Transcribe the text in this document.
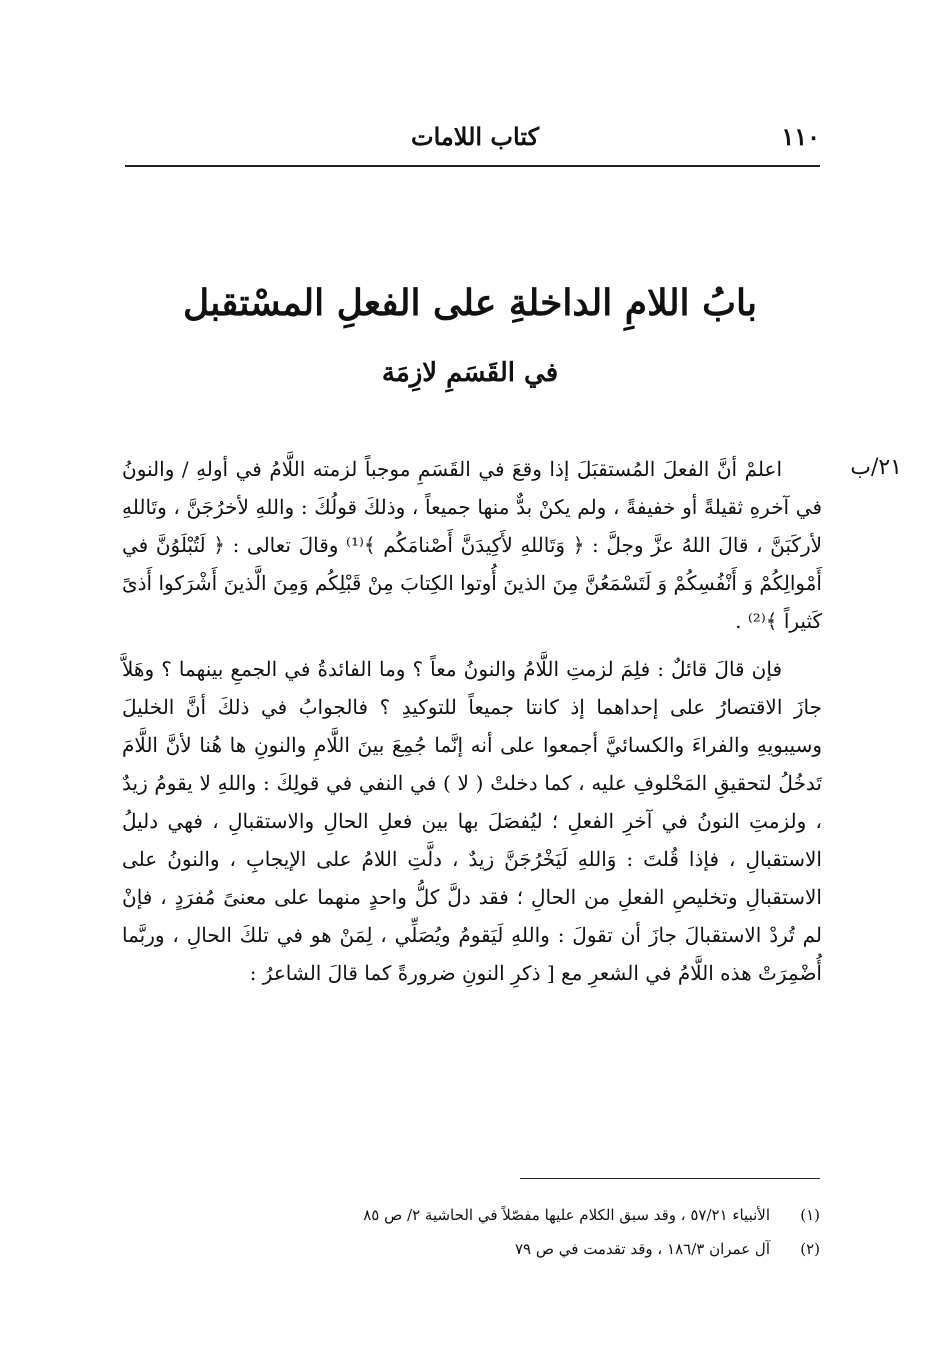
١١٠
كتاب اللامات
بابُ اللامِ الداخلةِ على الفعلِ المسْتقبل
في القَسَمِ لازِمَة
٢١/ب

اعلمْ أنَّ الفعلَ المُستقبَلَ إذا وقعَ في القَسَمِ موجباً لزمته اللَّامُ في أولهِ / والنونُ في آخرهِ ثقيلةً أو خفيفةً ، ولم يكنْ بدٌّ منها جميعاً ، وذلكَ قولُكَ : واللهِ لأخرُجَنَّ ، وتَاللهِ لأركَبَنَّ ، قالَ اللهُ عزَّ وجلَّ : ﴿ وَتَاللهِ لأَكِيدَنَّ أَصْنامَكُم ﴾⁽¹⁾ وقالَ تعالى : ﴿ لَتُبْلَوُنَّ في أَمْوالِكُمْ وَ أَنْفُسِكُمْ وَ لَتَسْمَعُنَّ مِنَ الذينَ أُوتوا الكِتابَ مِنْ قَبْلِكُم وَمِنَ الَّذينَ أَشْرَكوا أَذىً كَثيراً ﴾⁽²⁾ .

فإن قالَ قائلٌ : فلِمَ لزمتِ اللَّامُ والنونُ معاً ؟ وما الفائدةُ في الجمعِ بينهما ؟ وهَلاَّ جازَ الاقتصارُ على إحداهما إذ كانتا جميعاً للتوكيدِ ؟ فالجوابُ في ذلكَ أنَّ الخليلَ وسيبويهِ والفراءَ والكسائيَّ أجمعوا على أنه إنَّما جُمِعَ بينَ اللَّامِ والنونِ ها هُنا لأنَّ اللَّامَ تَدخُلُ لتحقيقِ المَحْلوفِ عليه ، كما دخلتْ ( لا ) في النفي في قولِكَ : واللهِ لا يقومُ زيدٌ ، ولزمتِ النونُ في آخرِ الفعلِ ؛ ليُفصَلَ بها بين فعلِ الحالِ والاستقبالِ ، فهي دليلُ الاستقبالِ ، فإذا قُلتَ : وَاللهِ لَيَخْرُجَنَّ زيدٌ ، دلَّتِ اللامُ على الإيجابِ ، والنونُ على الاستقبالِ وتخليصِ الفعلِ من الحالِ ؛ فقد دلَّ كلُّ واحدٍ منهما على معنىً مُفرَدٍ ، فإنْ لم تُردْ الاستقبالَ جازَ أن تقولَ : واللهِ لَيَقومُ ويُصَلِّي ، لِمَنْ هو في تلكَ الحالِ ، وربَّما أُضْمِرَتْ هذه اللَّامُ في الشعرِ مع [ ذكرِ النونِ ضرورةً كما قالَ الشاعرُ :

(١)
الأنبياء ٥٧/٢١ ، وقد سبق الكلام عليها مفصّلاً في الحاشية ٢/ ص ٨٥
(٢)
آل عمران ١٨٦/٣ ، وقد تقدمت في ص ٧٩
